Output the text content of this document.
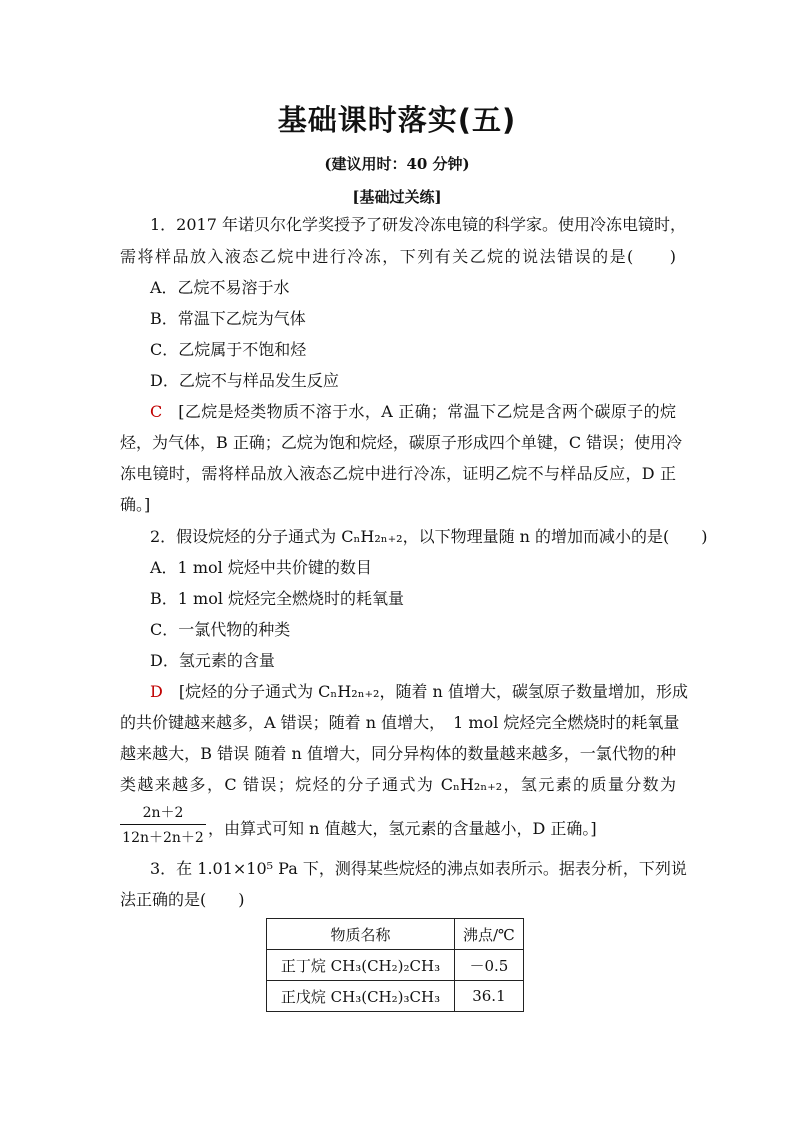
基础课时落实(五)
(建议用时：40 分钟)
[基础过关练]
1．2017 年诺贝尔化学奖授予了研发冷冻电镜的科学家。使用冷冻电镜时，
需将样品放入液态乙烷中进行冷冻，下列有关乙烷的说法错误的是(　　)
A．乙烷不易溶于水
B．常温下乙烷为气体
C．乙烷属于不饱和烃
D．乙烷不与样品发生反应
C [乙烷是烃类物质不溶于水，A 正确；常温下乙烷是含两个碳原子的烷
烃，为气体，B 正确；乙烷为饱和烷烃，碳原子形成四个单键，C 错误；使用冷
冻电镜时，需将样品放入液态乙烷中进行冷冻，证明乙烷不与样品反应，D 正
确。]
2．假设烷烃的分子通式为 CₙH₂ₙ₊₂，以下物理量随 n 的增加而减小的是(　　)
A．1 mol 烷烃中共价键的数目
B．1 mol 烷烃完全燃烧时的耗氧量
C．一氯代物的种类
D．氢元素的含量
D [烷烃的分子通式为 CₙH₂ₙ₊₂，随着 n 值增大，碳氢原子数量增加，形成
的共价键越来越多，A 错误；随着 n 值增大，　1 mol 烷烃完全燃烧时的耗氧量
越来越大，B 错误 随着 n 值增大，同分异构体的数量越来越多，一氯代物的种
类越来越多，C 错误；烷烃的分子通式为 CₙH₂ₙ₊₂，氢元素的质量分数为
$\frac{2n+2}{12n+2n+2}$ ，由算式可知 n 值越大，氢元素的含量越小，D 正确。]
3．在 1.01×10⁵ Pa 下，测得某些烷烃的沸点如表所示。据表分析，下列说
法正确的是(　　)
物质名称	沸点/℃
正丁烷 CH₃(CH₂)₂CH₃	－0.5
正戊烷 CH₃(CH₂)₃CH₃	36.1
